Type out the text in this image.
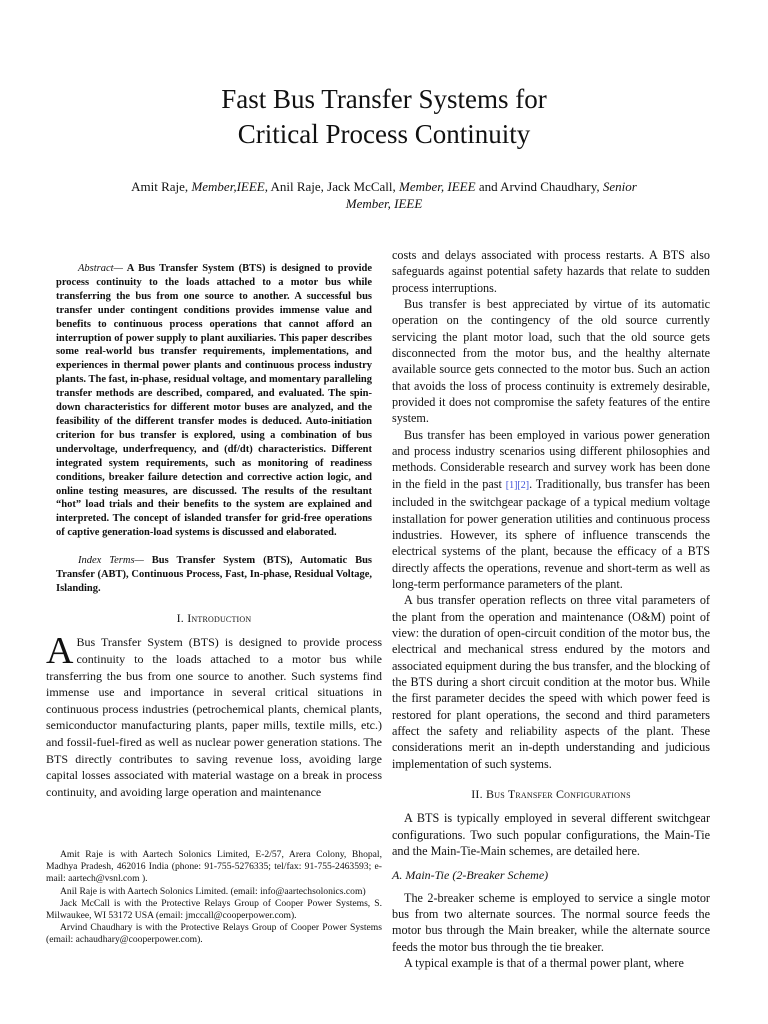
Fast Bus Transfer Systems for
Critical Process Continuity
Amit Raje, Member,IEEE, Anil Raje, Jack McCall, Member, IEEE and Arvind Chaudhary, Senior Member, IEEE

Abstract— A Bus Transfer System (BTS) is designed to provide process continuity to the loads attached to a motor bus while transferring the bus from one source to another. A successful bus transfer under contingent conditions provides immense value and benefits to continuous process operations that cannot afford an interruption of power supply to plant auxiliaries. This paper describes some real-world bus transfer requirements, implementations, and experiences in thermal power plants and continuous process industry plants. The fast, in-phase, residual voltage, and momentary paralleling transfer methods are described, compared, and evaluated. The spin-down characteristics for different motor buses are analyzed, and the feasibility of the different transfer modes is deduced. Auto-initiation criterion for bus transfer is explored, using a combination of bus undervoltage, underfrequency, and (df/dt) characteristics. Different integrated system requirements, such as monitoring of readiness conditions, breaker failure detection and corrective action logic, and online testing measures, are discussed. The results of the resultant “hot” load trials and their benefits to the system are explained and interpreted. The concept of islanded transfer for grid-free operations of captive generation-load systems is discussed and elaborated.

Index Terms— Bus Transfer System (BTS), Automatic Bus Transfer (ABT), Continuous Process, Fast, In-phase, Residual Voltage, Islanding.

I. Introduction

A Bus Transfer System (BTS) is designed to provide process continuity to the loads attached to a motor bus while transferring the bus from one source to another. Such systems find immense use and importance in several critical situations in continuous process industries (petrochemical plants, chemical plants, semiconductor manufacturing plants, paper mills, textile mills, etc.) and fossil-fuel-fired as well as nuclear power generation stations. The BTS directly contributes to saving revenue loss, avoiding large capital losses associated with material wastage on a break in process continuity, and avoiding large operation and maintenance

costs and delays associated with process restarts. A BTS also safeguards against potential safety hazards that relate to sudden process interruptions.

Bus transfer is best appreciated by virtue of its automatic operation on the contingency of the old source currently servicing the plant motor load, such that the old source gets disconnected from the motor bus, and the healthy alternate available source gets connected to the motor bus. Such an action that avoids the loss of process continuity is extremely desirable, provided it does not compromise the safety features of the entire system.

Bus transfer has been employed in various power generation and process industry scenarios using different philosophies and methods. Considerable research and survey work has been done in the field in the past [1][2]. Traditionally, bus transfer has been included in the switchgear package of a typical medium voltage installation for power generation utilities and continuous process industries. However, its sphere of influence transcends the electrical systems of the plant, because the efficacy of a BTS directly affects the operations, revenue and short-term as well as long-term performance parameters of the plant.

A bus transfer operation reflects on three vital parameters of the plant from the operation and maintenance (O&M) point of view: the duration of open-circuit condition of the motor bus, the electrical and mechanical stress endured by the motors and associated equipment during the bus transfer, and the blocking of the BTS during a short circuit condition at the motor bus. While the first parameter decides the speed with which power feed is restored for plant operations, the second and third parameters affect the safety and reliability aspects of the plant. These considerations merit an in-depth understanding and judicious implementation of such systems.

II. Bus Transfer Configurations

A BTS is typically employed in several different switchgear configurations. Two such popular configurations, the Main-Tie and the Main-Tie-Main schemes, are detailed here.

A. Main-Tie (2-Breaker Scheme)

The 2-breaker scheme is employed to service a single motor bus from two alternate sources. The normal source feeds the motor bus through the Main breaker, while the alternate source feeds the motor bus through the tie breaker.

A typical example is that of a thermal power plant, where

Amit Raje is with Aartech Solonics Limited, E-2/57, Arera Colony, Bhopal, Madhya Pradesh, 462016 India (phone: 91-755-5276335; tel/fax: 91-755-2463593; e-mail: aartech@vsnl.com ).

Anil Raje is with Aartech Solonics Limited. (email: info@aartechsolonics.com)

Jack McCall is with the Protective Relays Group of Cooper Power Systems, S. Milwaukee, WI 53172 USA (email: jmccall@cooperpower.com).

Arvind Chaudhary is with the Protective Relays Group of Cooper Power Systems (email: achaudhary@cooperpower.com).
